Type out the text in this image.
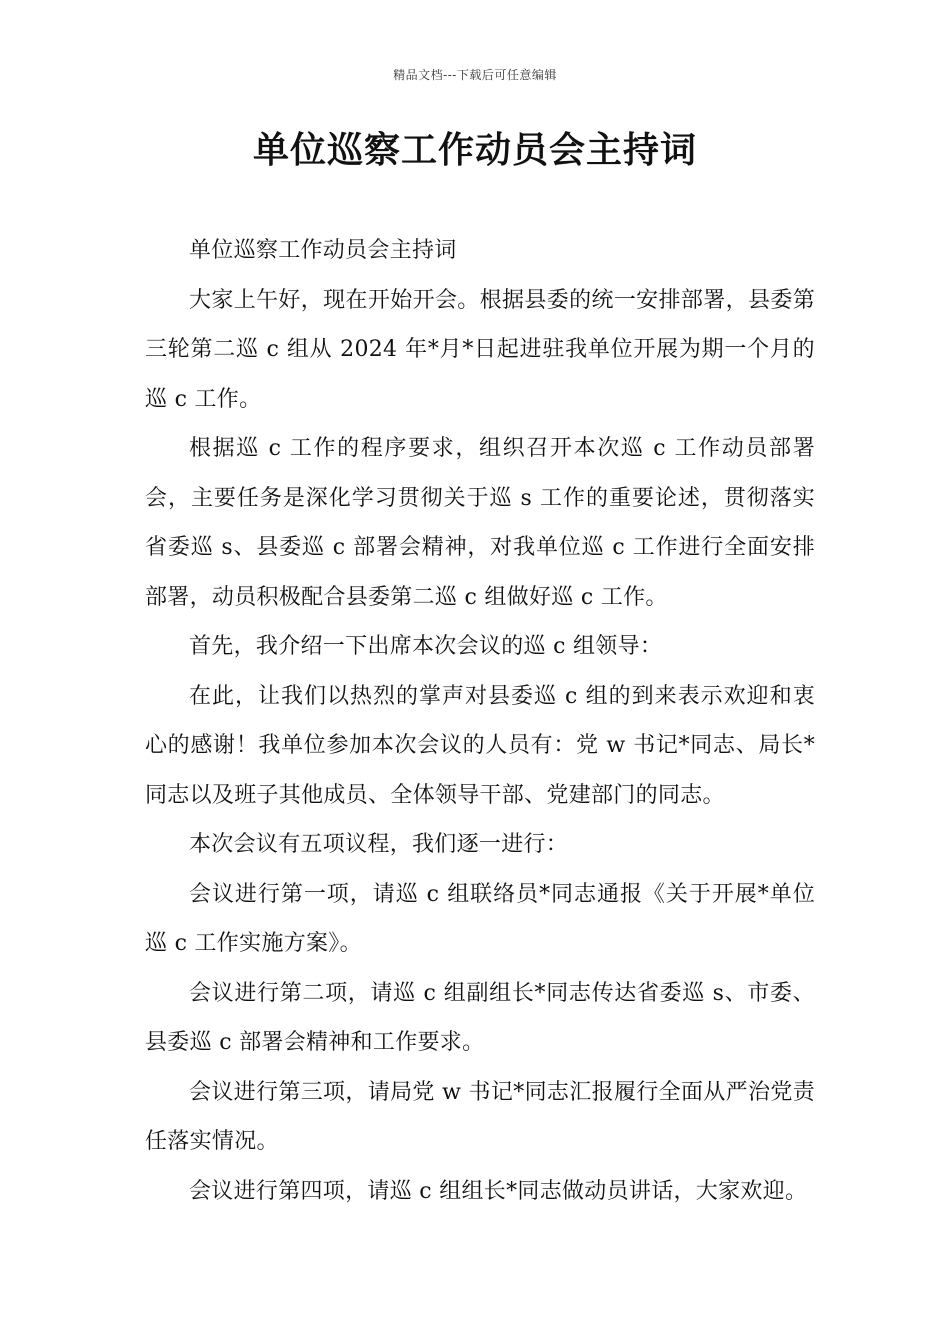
精品文档---下载后可任意编辑
单位巡察工作动员会主持词

单位巡察工作动员会主持词

大家上午好，现在开始开会。根据县委的统一安排部署，县委第三轮第二巡 c 组从 2024 年*月*日起进驻我单位开展为期一个月的巡 c 工作。

根据巡 c 工作的程序要求，组织召开本次巡 c 工作动员部署会，主要任务是深化学习贯彻关于巡 s 工作的重要论述，贯彻落实省委巡 s、县委巡 c 部署会精神，对我单位巡 c 工作进行全面安排部署，动员积极配合县委第二巡 c 组做好巡 c 工作。

首先，我介绍一下出席本次会议的巡 c 组领导：

在此，让我们以热烈的掌声对县委巡 c 组的到来表示欢迎和衷心的感谢！我单位参加本次会议的人员有：党 w 书记*同志、局长*同志以及班子其他成员、全体领导干部、党建部门的同志。

本次会议有五项议程，我们逐一进行：

会议进行第一项，请巡 c 组联络员*同志通报《关于开展*单位巡 c 工作实施方案》。

会议进行第二项，请巡 c 组副组长*同志传达省委巡 s、市委、县委巡 c 部署会精神和工作要求。

会议进行第三项，请局党 w 书记*同志汇报履行全面从严治党责任落实情况。

会议进行第四项，请巡 c 组组长*同志做动员讲话，大家欢迎。
